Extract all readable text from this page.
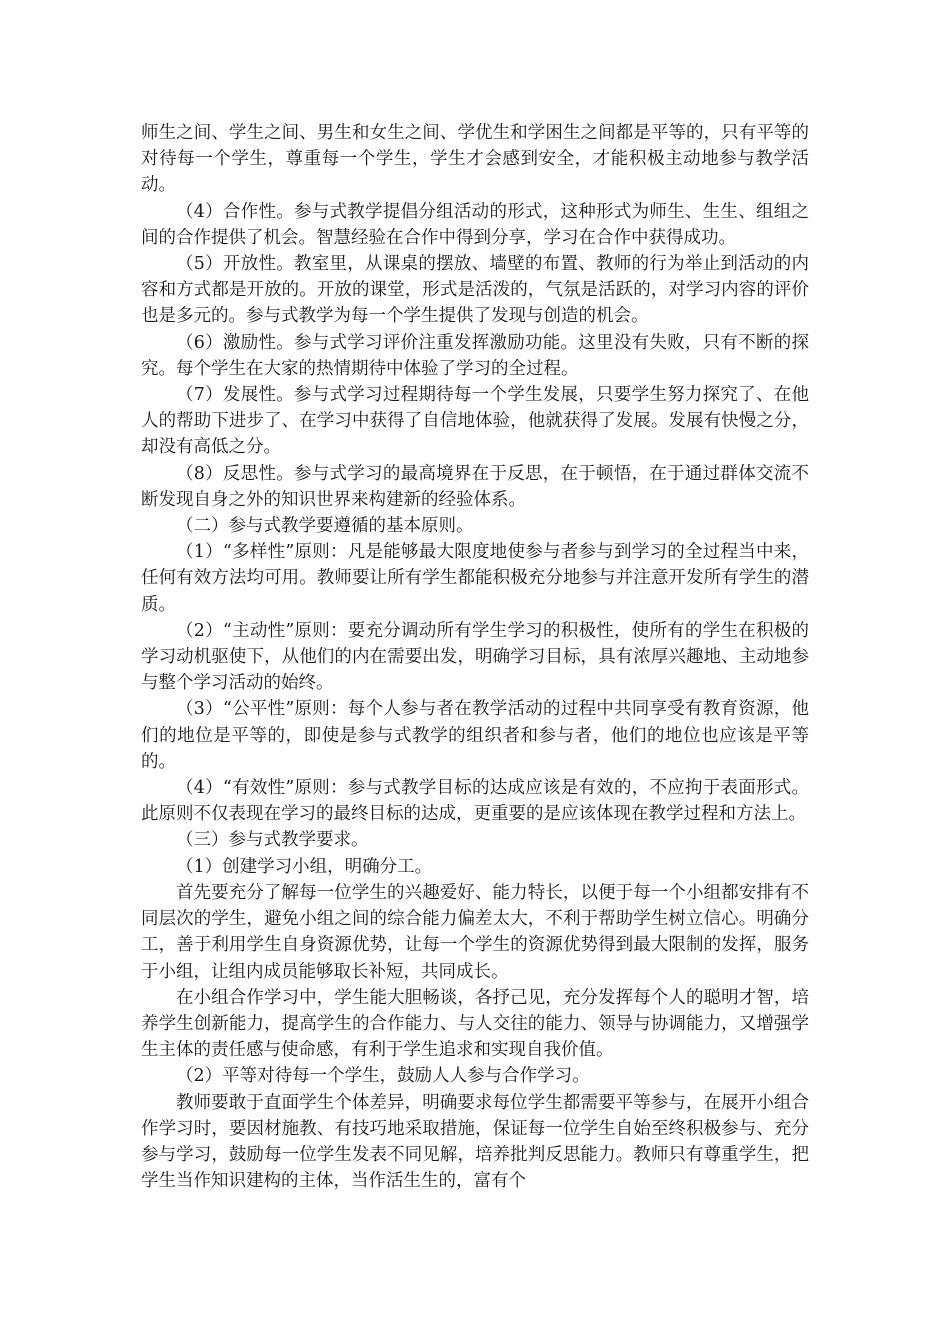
师生之间、学生之间、男生和女生之间、学优生和学困生之间都是平等的，只有平等的对待每一个学生，尊重每一个学生，学生才会感到安全，才能积极主动地参与教学活动。

（4）合作性。参与式教学提倡分组活动的形式，这种形式为师生、生生、组组之间的合作提供了机会。智慧经验在合作中得到分享，学习在合作中获得成功。

（5）开放性。教室里，从课桌的摆放、墙壁的布置、教师的行为举止到活动的内容和方式都是开放的。开放的课堂，形式是活泼的，气氛是活跃的，对学习内容的评价也是多元的。参与式教学为每一个学生提供了发现与创造的机会。

（6）激励性。参与式学习评价注重发挥激励功能。这里没有失败，只有不断的探究。每个学生在大家的热情期待中体验了学习的全过程。

（7）发展性。参与式学习过程期待每一个学生发展，只要学生努力探究了、在他人的帮助下进步了、在学习中获得了自信地体验，他就获得了发展。发展有快慢之分，却没有高低之分。

（8）反思性。参与式学习的最高境界在于反思，在于顿悟，在于通过群体交流不断发现自身之外的知识世界来构建新的经验体系。

（二）参与式教学要遵循的基本原则。

（1）“多样性”原则：凡是能够最大限度地使参与者参与到学习的全过程当中来，任何有效方法均可用。教师要让所有学生都能积极充分地参与并注意开发所有学生的潜质。

（2）“主动性”原则：要充分调动所有学生学习的积极性，使所有的学生在积极的学习动机驱使下，从他们的内在需要出发，明确学习目标，具有浓厚兴趣地、主动地参与整个学习活动的始终。

（3）“公平性”原则：每个人参与者在教学活动的过程中共同享受有教育资源，他们的地位是平等的，即使是参与式教学的组织者和参与者，他们的地位也应该是平等的。

（4）“有效性”原则：参与式教学目标的达成应该是有效的，不应拘于表面形式。此原则不仅表现在学习的最终目标的达成，更重要的是应该体现在教学过程和方法上。

（三）参与式教学要求。

（1）创建学习小组，明确分工。

首先要充分了解每一位学生的兴趣爱好、能力特长，以便于每一个小组都安排有不同层次的学生，避免小组之间的综合能力偏差太大，不利于帮助学生树立信心。明确分工，善于利用学生自身资源优势，让每一个学生的资源优势得到最大限制的发挥，服务于小组，让组内成员能够取长补短，共同成长。

在小组合作学习中，学生能大胆畅谈，各抒己见，充分发挥每个人的聪明才智，培养学生创新能力，提高学生的合作能力、与人交往的能力、领导与协调能力，又增强学生主体的责任感与使命感，有利于学生追求和实现自我价值。

（2）平等对待每一个学生，鼓励人人参与合作学习。

教师要敢于直面学生个体差异，明确要求每位学生都需要平等参与，在展开小组合作学习时，要因材施教、有技巧地采取措施，保证每一位学生自始至终积极参与、充分参与学习，鼓励每一位学生发表不同见解，培养批判反思能力。教师只有尊重学生，把学生当作知识建构的主体，当作活生生的，富有个
